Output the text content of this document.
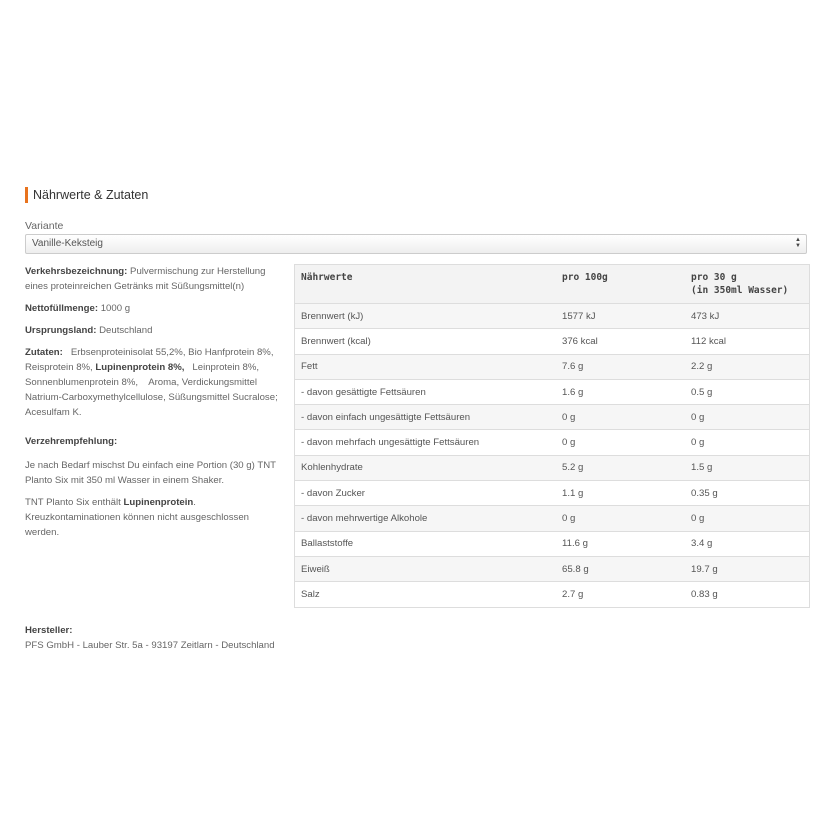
Nährwerte & Zutaten
Variante
Vanille-Keksteig	▲
▼

Verkehrsbezeichnung: Pulvermischung zur Herstellung eines proteinreichen Getränks mit Süßungsmittel(n)

Nettofüllmenge: 1000 g

Ursprungsland: Deutschland

Zutaten:   Erbsenproteinisolat 55,2%, Bio Hanfprotein 8%,    Reisprotein 8%, Lupinenprotein 8%,   Leinprotein 8%, Sonnenblumenprotein 8%,    Aroma, Verdickungsmittel Natrium-Carboxymethylcellulose, Süßungsmittel Sucralose; Acesulfam K.

Verzehrempfehlung:

Je nach Bedarf mischst Du einfach eine Portion (30 g) TNT Planto Six mit 350 ml Wasser in einem Shaker.

TNT Planto Six enthält Lupinenprotein. Kreuzkontaminationen können nicht ausgeschlossen werden.

Nährwerte	pro 100g	pro 30 g
(in 350ml Wasser)
Brennwert (kJ)	1577 kJ	473 kJ
Brennwert (kcal)	376 kcal	112 kcal
Fett	7.6 g	2.2 g
- davon gesättigte Fettsäuren	1.6 g	0.5 g
- davon einfach ungesättigte Fettsäuren	0 g	0 g
- davon mehrfach ungesättigte Fettsäuren	0 g	0 g
Kohlenhydrate	5.2 g	1.5 g
- davon Zucker	1.1 g	0.35 g
- davon mehrwertige Alkohole	0 g	0 g
Ballaststoffe	11.6 g	3.4 g
Eiweiß	65.8 g	19.7 g
Salz	2.7 g	0.83 g
Hersteller:
PFS GmbH - Lauber Str. 5a - 93197 Zeitlarn - Deutschland
